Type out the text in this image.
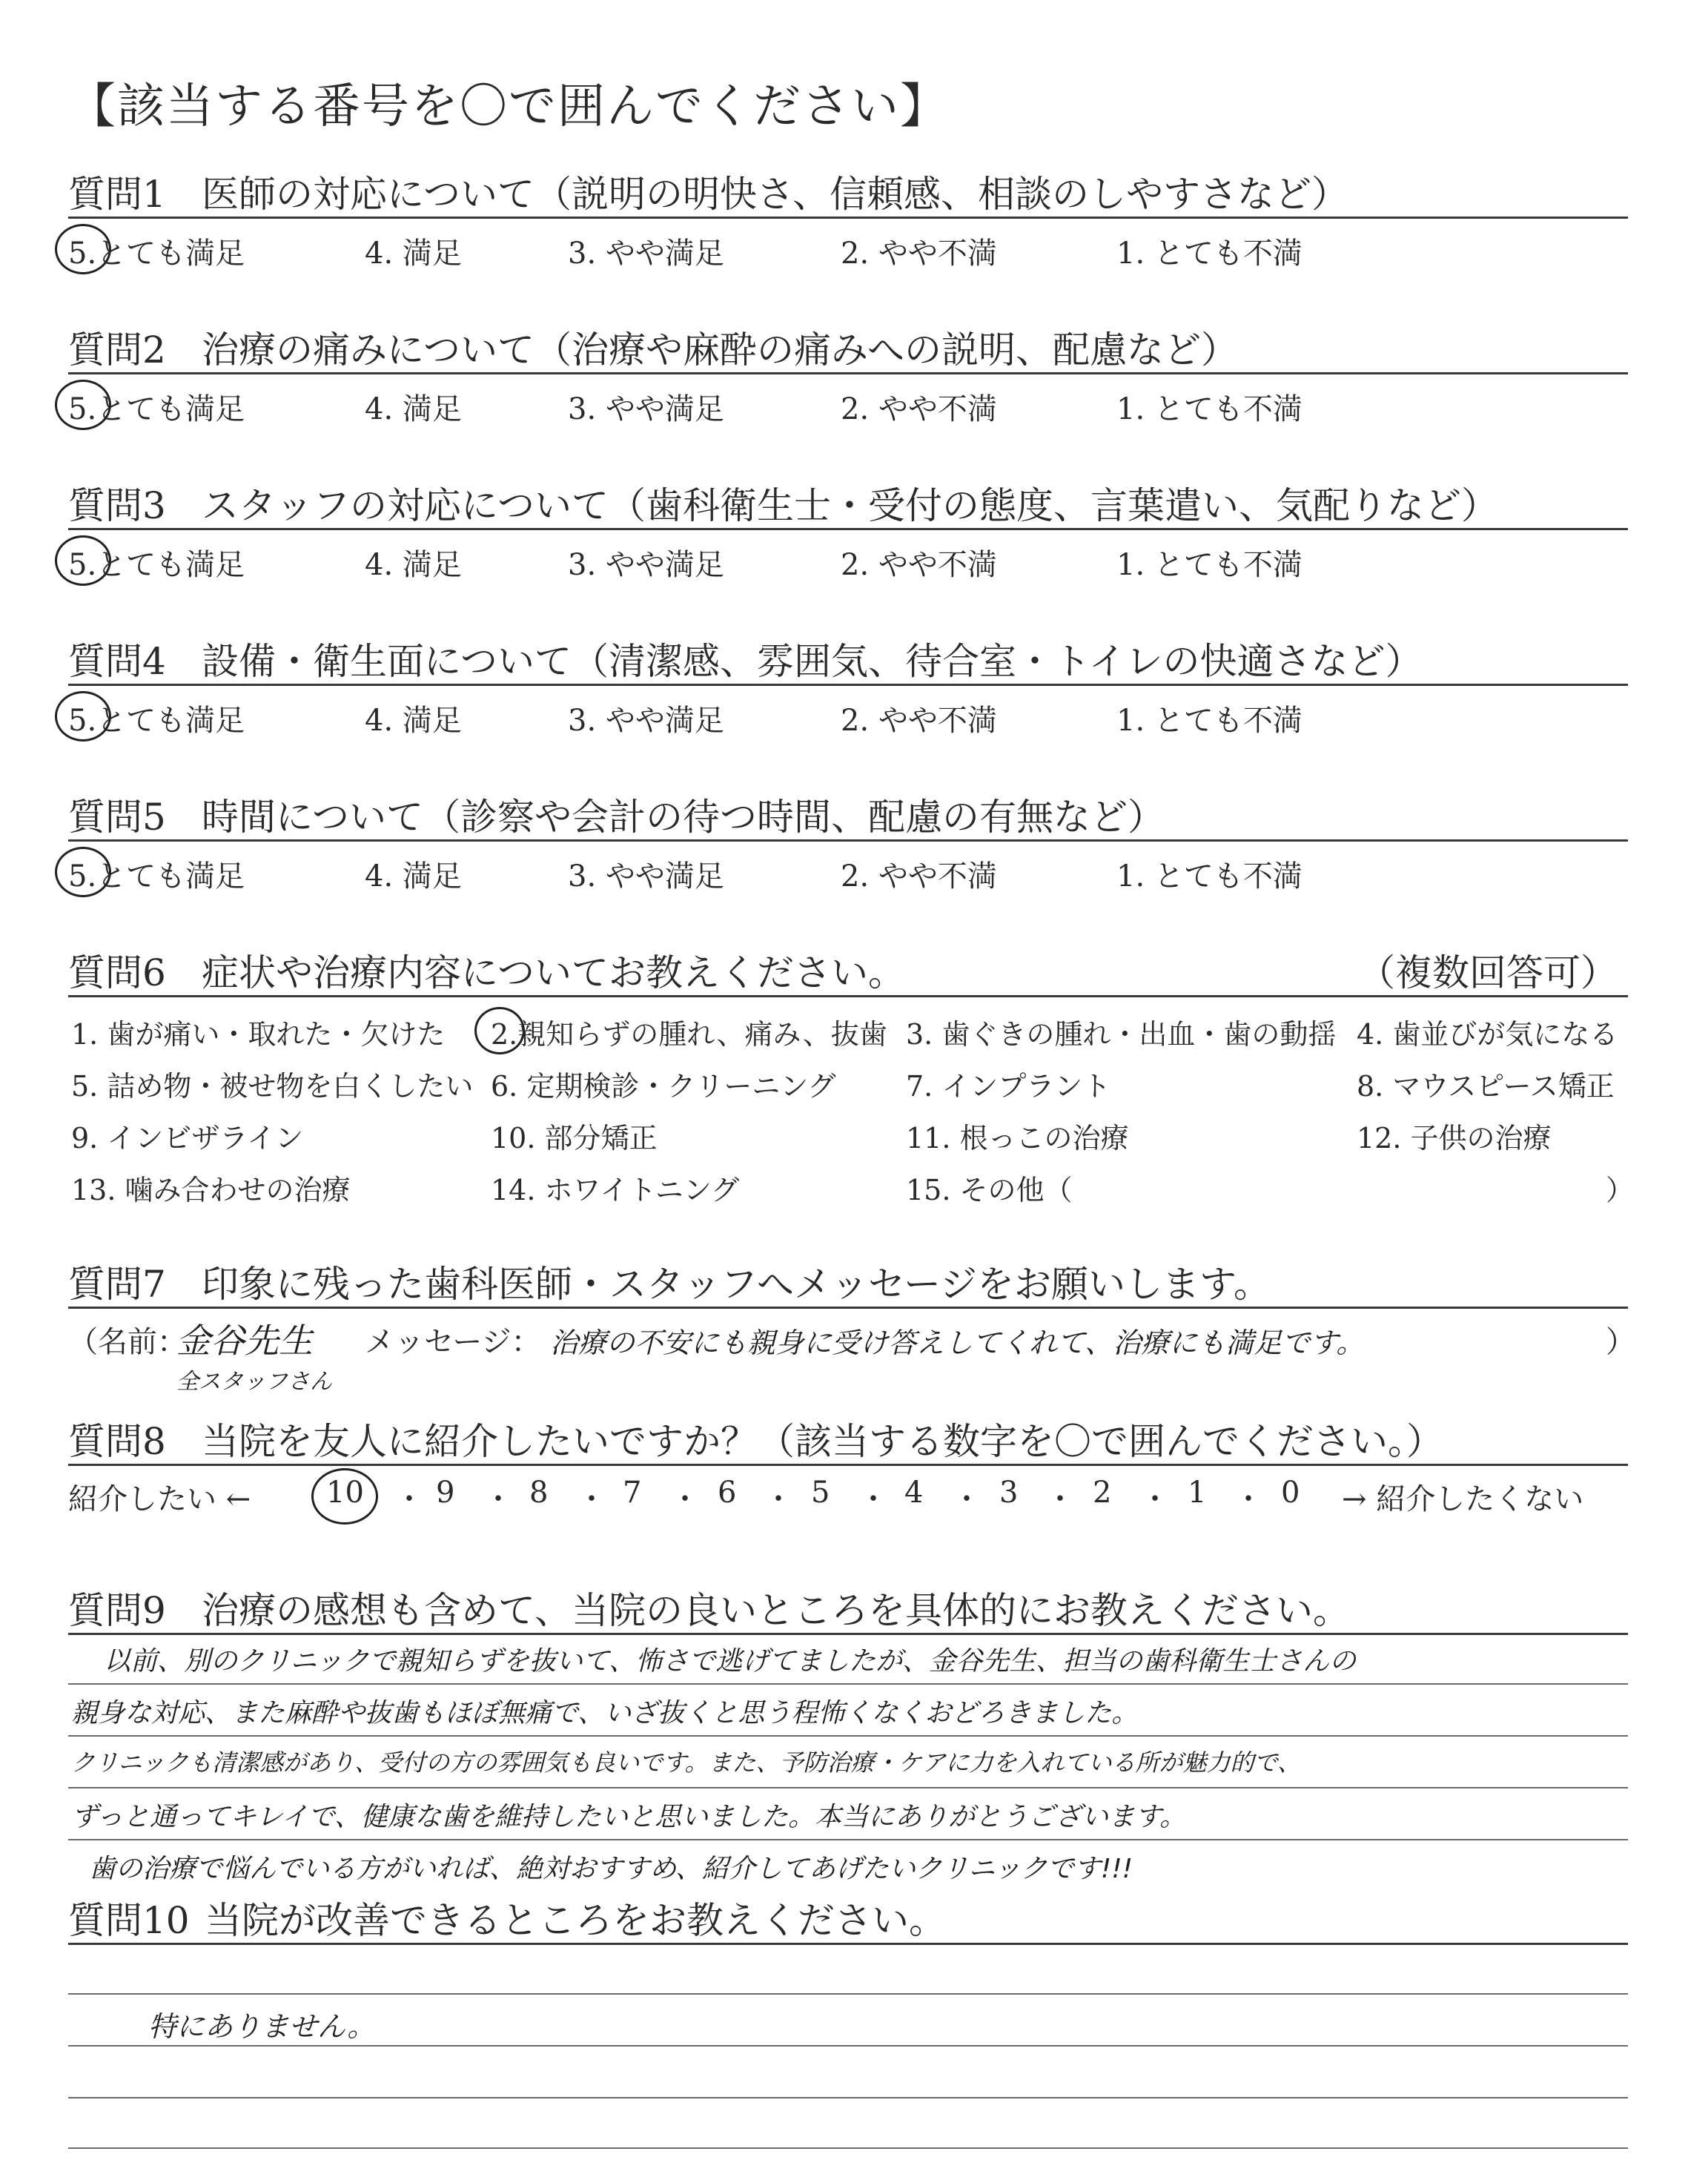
【該当する番号を〇で囲んでください】
質問1 医師の対応について（説明の明快さ、信頼感、相談のしやすさなど）
5.とても満足	4. 満足	3. やや満足	2. やや不満	1. とても不満
質問2 治療の痛みについて（治療や麻酔の痛みへの説明、配慮など）
5.とても満足	4. 満足	3. やや満足	2. やや不満	1. とても不満
質問3 スタッフの対応について（歯科衛生士・受付の態度、言葉遣い、気配りなど）
5.とても満足	4. 満足	3. やや満足	2. やや不満	1. とても不満
質問4 設備・衛生面について（清潔感、雰囲気、待合室・トイレの快適さなど）
5.とても満足	4. 満足	3. やや満足	2. やや不満	1. とても不満
質問5 時間について（診察や会計の待つ時間、配慮の有無など）
5.とても満足	4. 満足	3. やや満足	2. やや不満	1. とても不満
質問6 症状や治療内容についてお教えください。	（複数回答可）
1. 歯が痛い・取れた・欠けた 2.親知らずの腫れ、痛み、抜歯 3. 歯ぐきの腫れ・出血・歯の動揺 4. 歯並びが気になる
5. 詰め物・被せ物を白くしたい 6. 定期検診・クリーニング 7. インプラント	8. マウスピース矯正
9. インビザライン	10. 部分矯正	11. 根っこの治療	12. 子供の治療
13. 噛み合わせの治療	14. ホワイトニング	15. その他（	）
質問7 印象に残った歯科医師・スタッフへメッセージをお願いします。
（名前：
金谷先生
全スタッフさん
メッセージ： 治療の不安にも親身に受け答えしてくれて、治療にも満足です。	）
質問8 当院を友人に紹介したいですか？（該当する数字を〇で囲んでください。）
紹介したい ←	10 ・ 9 ・ 8 ・ 7 ・ 6 ・ 5 ・ 4 ・ 3 ・ 2 ・ 1 ・ 0 → 紹介したくない
質問9 治療の感想も含めて、当院の良いところを具体的にお教えください。
以前、別のクリニックで親知らずを抜いて、怖さで逃げてましたが、金谷先生、担当の歯科衛生士さんの
親身な対応、また麻酔や抜歯もほぼ無痛で、いざ抜くと思う程怖くなくおどろきました。
クリニックも清潔感があり、受付の方の雰囲気も良いです。また、予防治療・ケアに力を入れている所が魅力的で、
ずっと通ってキレイで、健康な歯を維持したいと思いました。本当にありがとうございます。
歯の治療で悩んでいる方がいれば、絶対おすすめ、紹介してあげたいクリニックです!!!
質問10 当院が改善できるところをお教えください。
特にありません。
